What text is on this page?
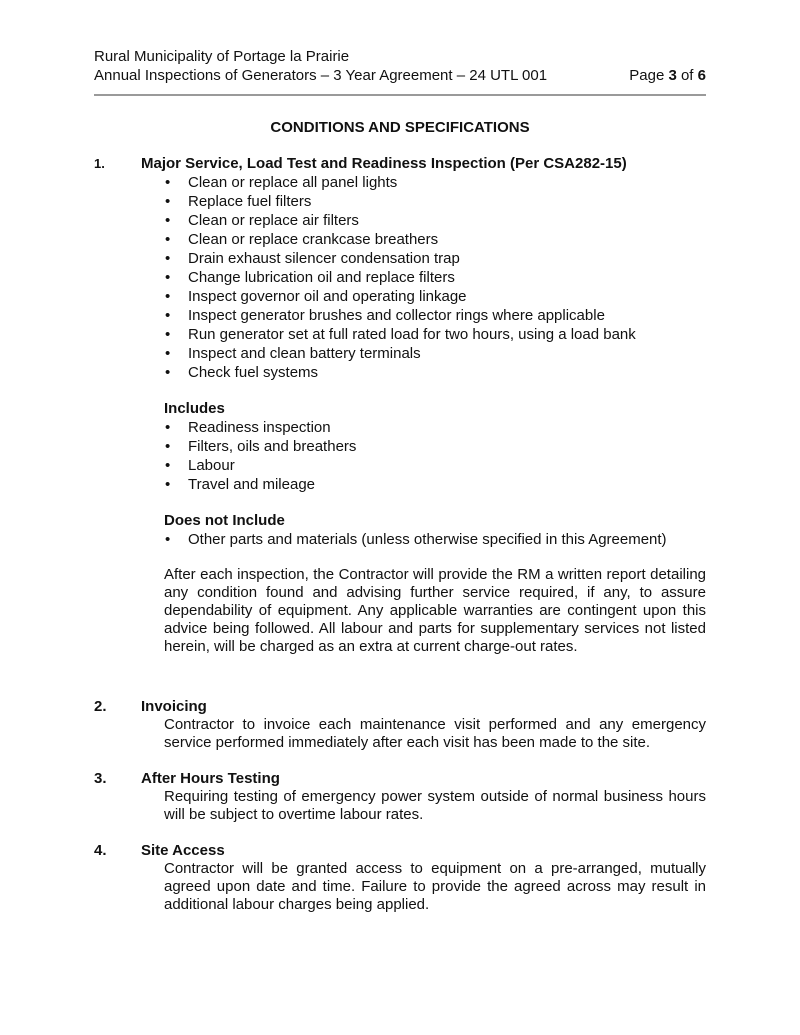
Rural Municipality of Portage la Prairie
Annual Inspections of Generators – 3 Year Agreement – 24 UTL 001	Page 3 of 6
CONDITIONS AND SPECIFICATIONS
1. Major Service, Load Test and Readiness Inspection (Per CSA282-15)
• Clean or replace all panel lights
• Replace fuel filters
• Clean or replace air filters
• Clean or replace crankcase breathers
• Drain exhaust silencer condensation trap
• Change lubrication oil and replace filters
• Inspect governor oil and operating linkage
• Inspect generator brushes and collector rings where applicable
• Run generator set at full rated load for two hours, using a load bank
• Inspect and clean battery terminals
• Check fuel systems
Includes
• Readiness inspection
• Filters, oils and breathers
• Labour
• Travel and mileage
Does not Include
• Other parts and materials (unless otherwise specified in this Agreement)
After each inspection, the Contractor will provide the RM a written report detailing any condition found and advising further service required, if any, to assure dependability of equipment. Any applicable warranties are contingent upon this advice being followed. All labour and parts for supplementary services not listed herein, will be charged as an extra at current charge-out rates.
2. Invoicing
Contractor to invoice each maintenance visit performed and any emergency service performed immediately after each visit has been made to the site.
3. After Hours Testing
Requiring testing of emergency power system outside of normal business hours will be subject to overtime labour rates.
4. Site Access
Contractor will be granted access to equipment on a pre-arranged, mutually agreed upon date and time. Failure to provide the agreed across may result in additional labour charges being applied.
